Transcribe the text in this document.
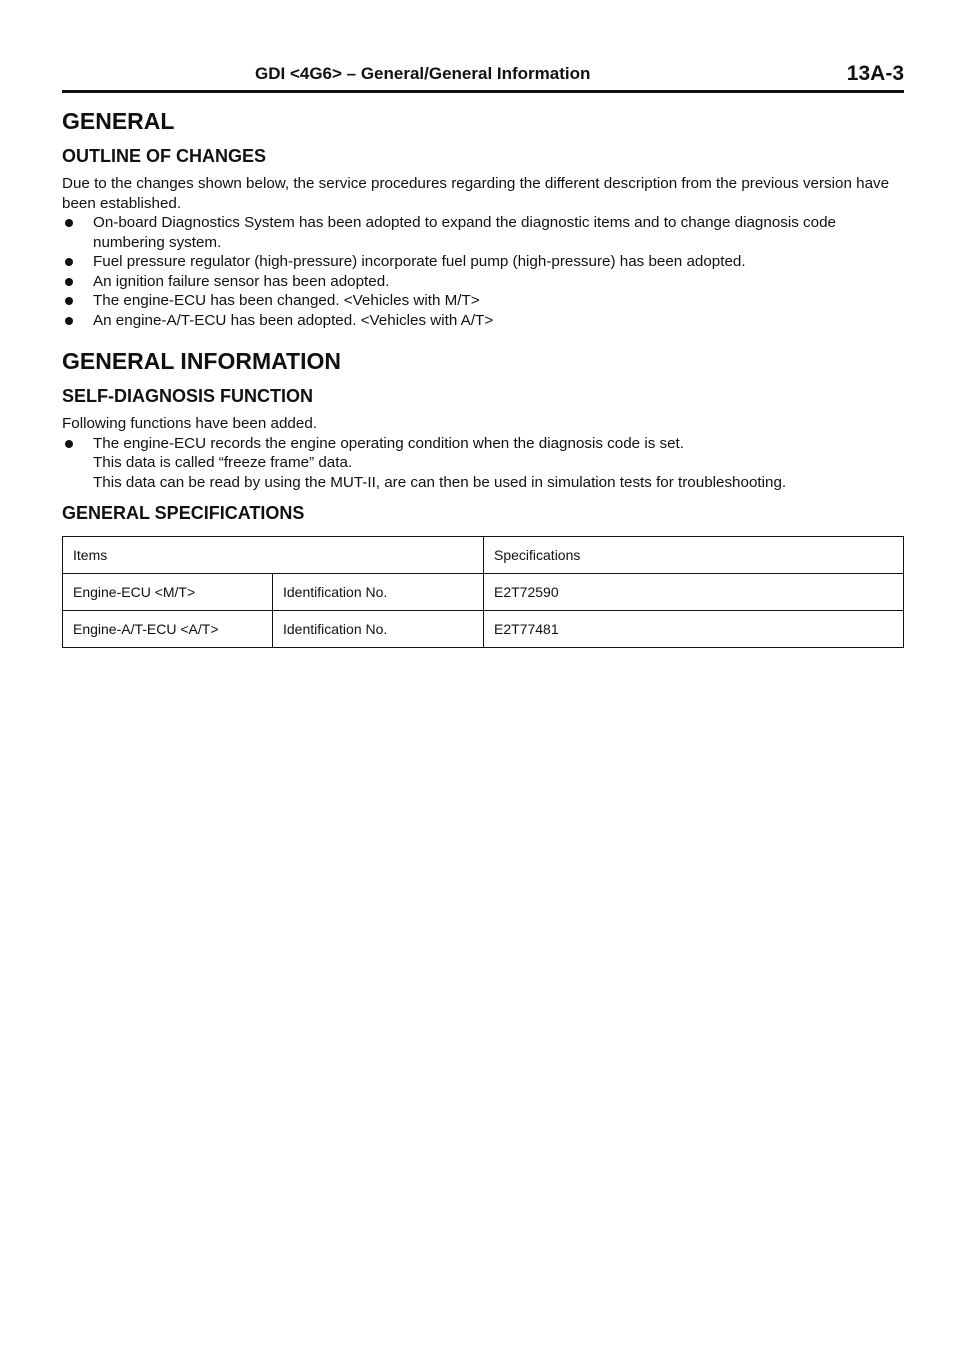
GDI <4G6> – General/General Information	13A-3
GENERAL
OUTLINE OF CHANGES

Due to the changes shown below, the service procedures regarding the different description from the previous version have been established.

On-board Diagnostics System has been adopted to expand the diagnostic items and to change diagnosis code numbering system.
Fuel pressure regulator (high-pressure) incorporate fuel pump (high-pressure) has been adopted.
An ignition failure sensor has been adopted.
The engine-ECU has been changed. <Vehicles with M/T>
An engine-A/T-ECU has been adopted. <Vehicles with A/T>
GENERAL INFORMATION
SELF-DIAGNOSIS FUNCTION

Following functions have been added.

The engine-ECU records the engine operating condition when the diagnosis code is set.
This data is called “freeze frame” data.
This data can be read by using the MUT-II, are can then be used in simulation tests for troubleshooting.
GENERAL SPECIFICATIONS
Items		Specifications
Engine-ECU <M/T>	Identification No.	E2T72590
Engine-A/T-ECU <A/T>	Identification No.	E2T77481
